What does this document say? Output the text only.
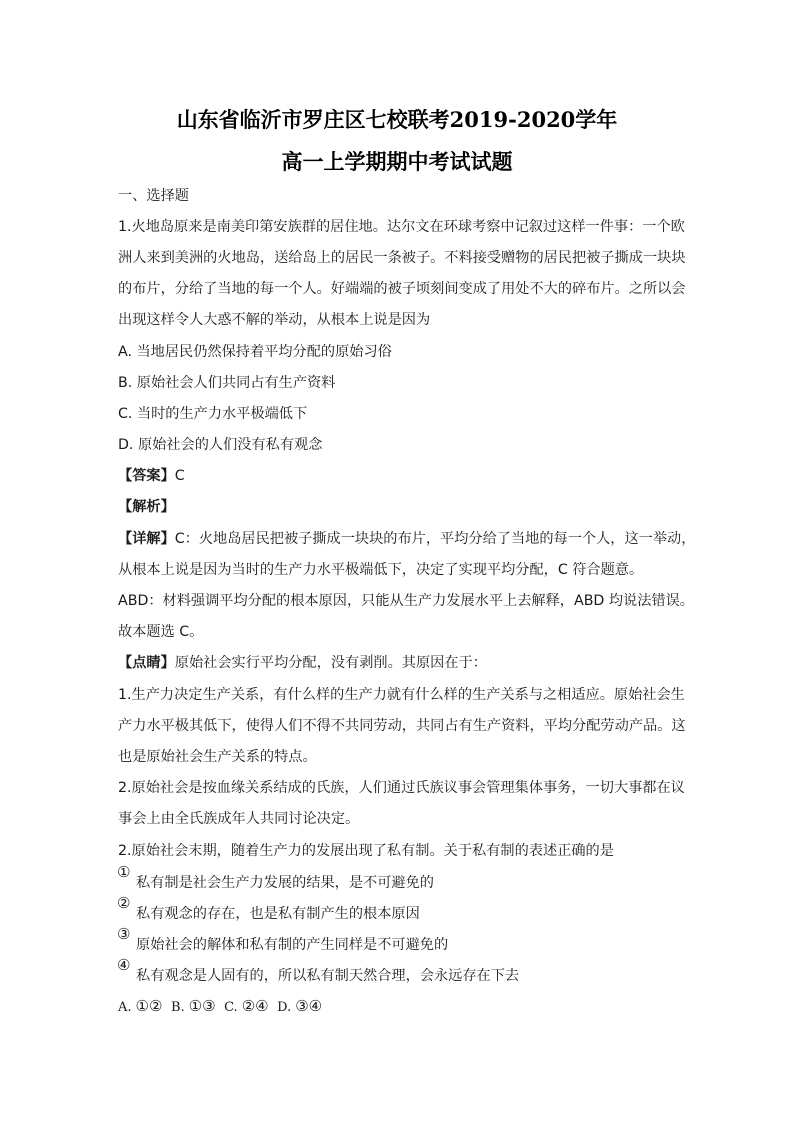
山东省临沂市罗庄区七校联考2019-2020学年
高一上学期期中考试试题
一、选择题
1.火地岛原来是南美印第安族群的居住地。达尔文在环球考察中记叙过这样一件事：一个欧
洲人来到美洲的火地岛，送给岛上的居民一条被子。不料接受赠物的居民把被子撕成一块块
的布片，分给了当地的每一个人。好端端的被子顷刻间变成了用处不大的碎布片。之所以会
出现这样令人大惑不解的举动，从根本上说是因为
A. 当地居民仍然保持着平均分配的原始习俗
B. 原始社会人们共同占有生产资料
C. 当时的生产力水平极端低下
D. 原始社会的人们没有私有观念
【答案】C
【解析】
【详解】C：火地岛居民把被子撕成一块块的布片，平均分给了当地的每一个人，这一举动，
从根本上说是因为当时的生产力水平极端低下，决定了实现平均分配，C 符合题意。
ABD：材料强调平均分配的根本原因，只能从生产力发展水平上去解释，ABD 均说法错误。
故本题选 C。
【点睛】原始社会实行平均分配，没有剥削。其原因在于：
1.生产力决定生产关系，有什么样的生产力就有什么样的生产关系与之相适应。原始社会生
产力水平极其低下，使得人们不得不共同劳动，共同占有生产资料，平均分配劳动产品。这
也是原始社会生产关系的特点。
2.原始社会是按血缘关系结成的氏族，人们通过氏族议事会管理集体事务，一切大事都在议
事会上由全氏族成年人共同讨论决定。
2.原始社会末期，随着生产力的发展出现了私有制。关于私有制的表述正确的是
①
私有制是社会生产力发展的结果，是不可避免的
②
私有观念的存在，也是私有制产生的根本原因
③
原始社会的解体和私有制的产生同样是不可避免的
④
私有观念是人固有的，所以私有制天然合理，会永远存在下去
A. ①② B. ①③ C. ②④ D. ③④
